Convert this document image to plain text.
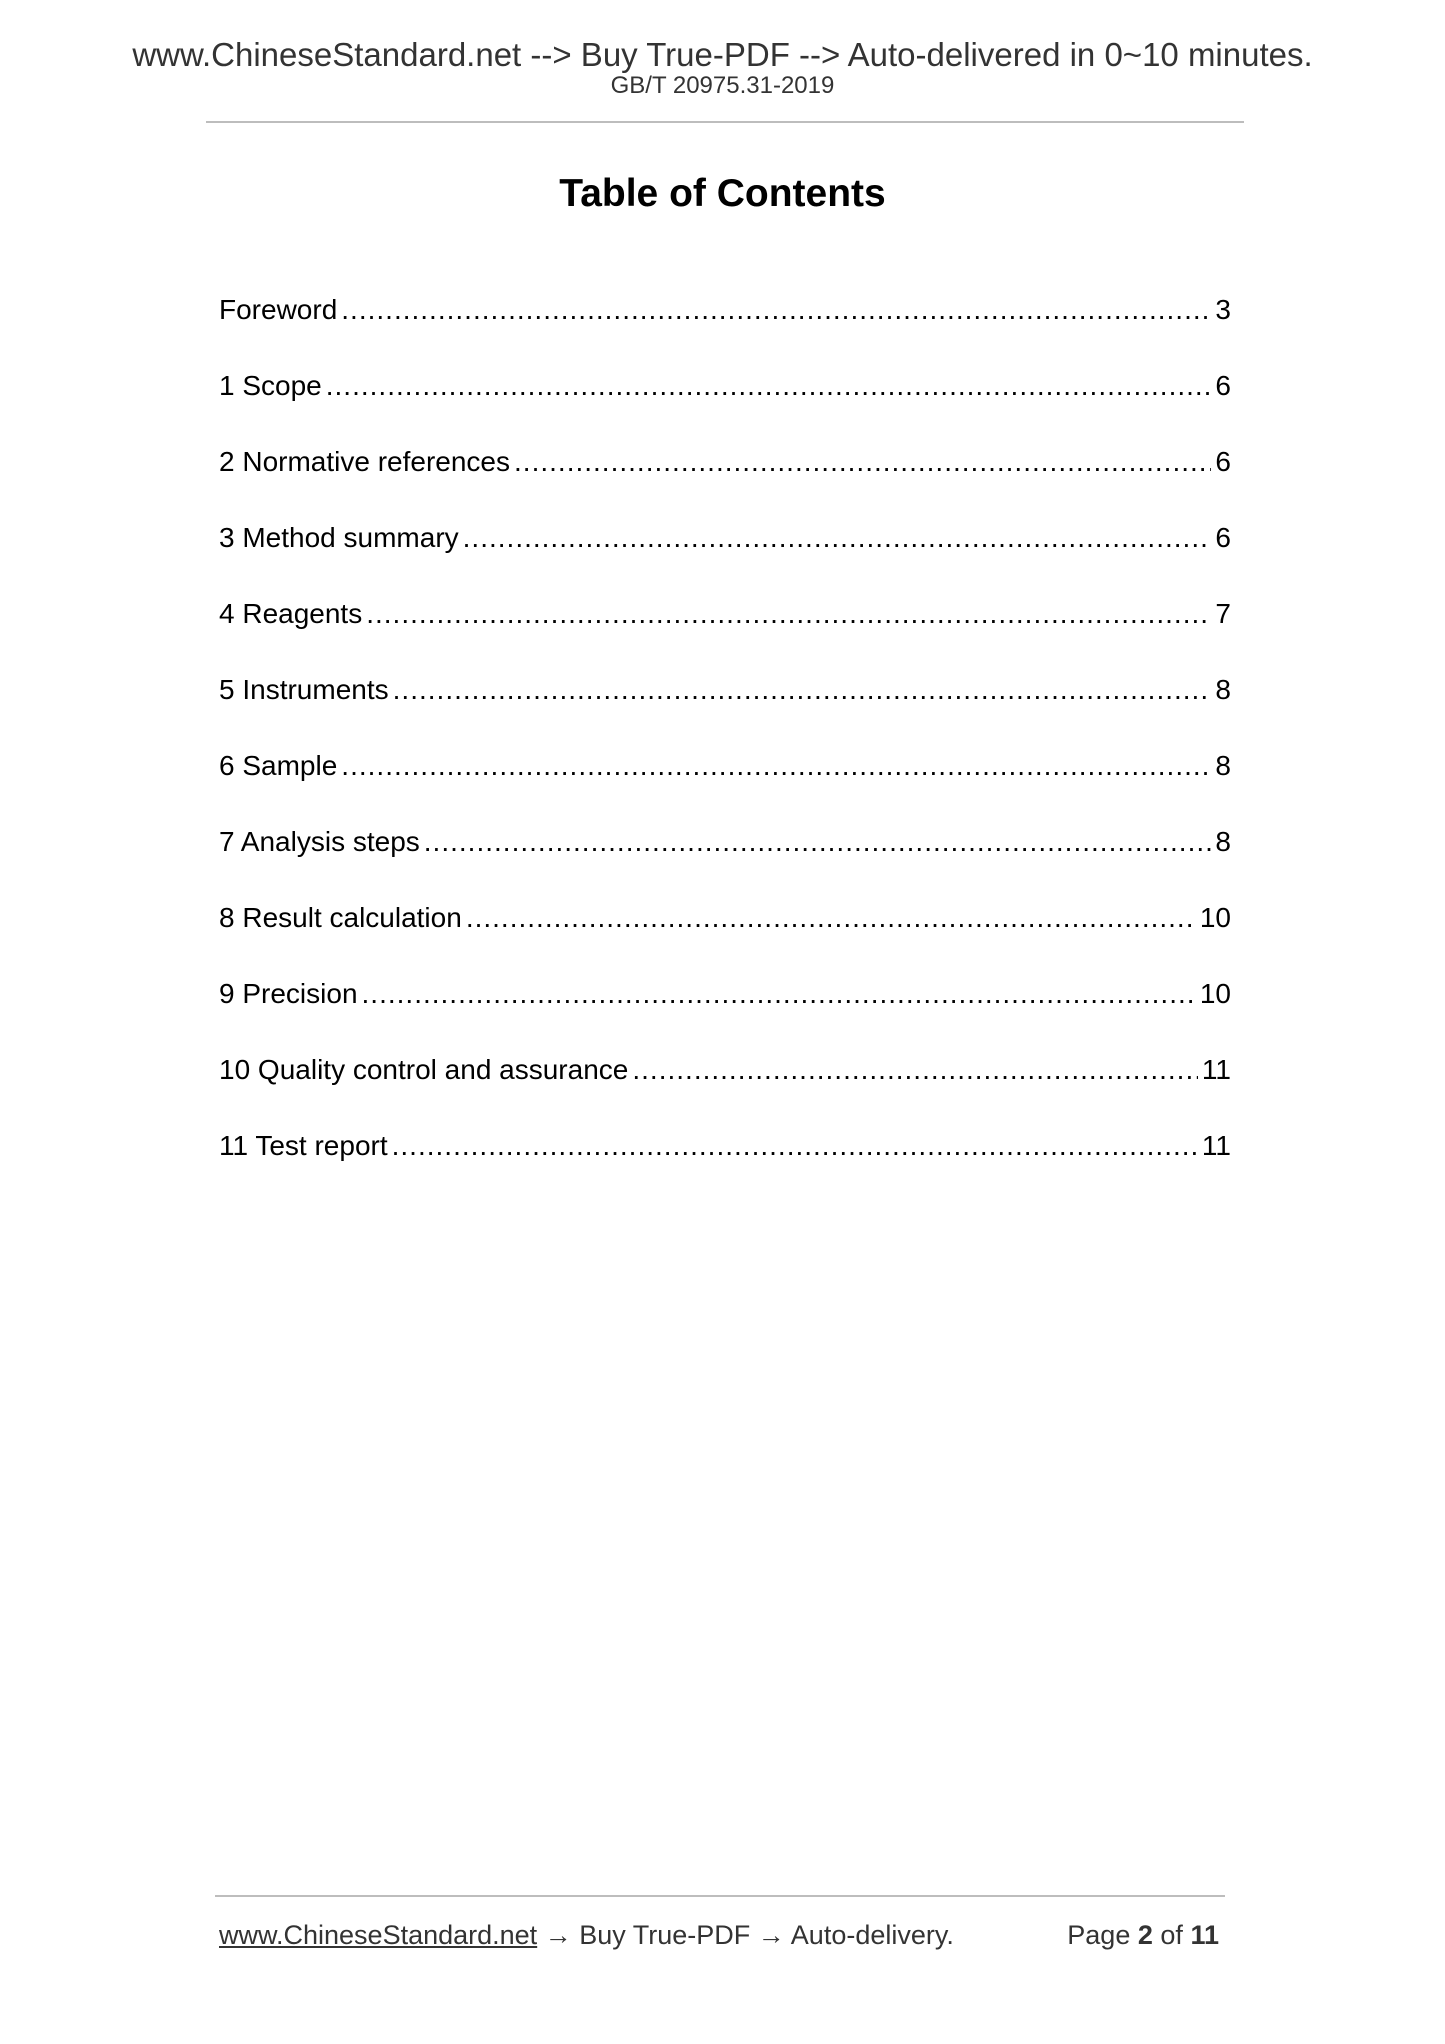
www.ChineseStandard.net --> Buy True-PDF --> Auto-delivered in 0~10 minutes.
GB/T 20975.31-2019
Table of Contents
Foreword .....	3
1 Scope .....	6
2 Normative references .....	6
3 Method summary .....	6
4 Reagents .....	7
5 Instruments .....	8
6 Sample .....	8
7 Analysis steps .....	8
8 Result calculation .....	10
9 Precision .....	10
10 Quality control and assurance .....	11
11 Test report .....	11
www.ChineseStandard.net → Buy True-PDF → Auto-delivery.	Page 2 of 11
